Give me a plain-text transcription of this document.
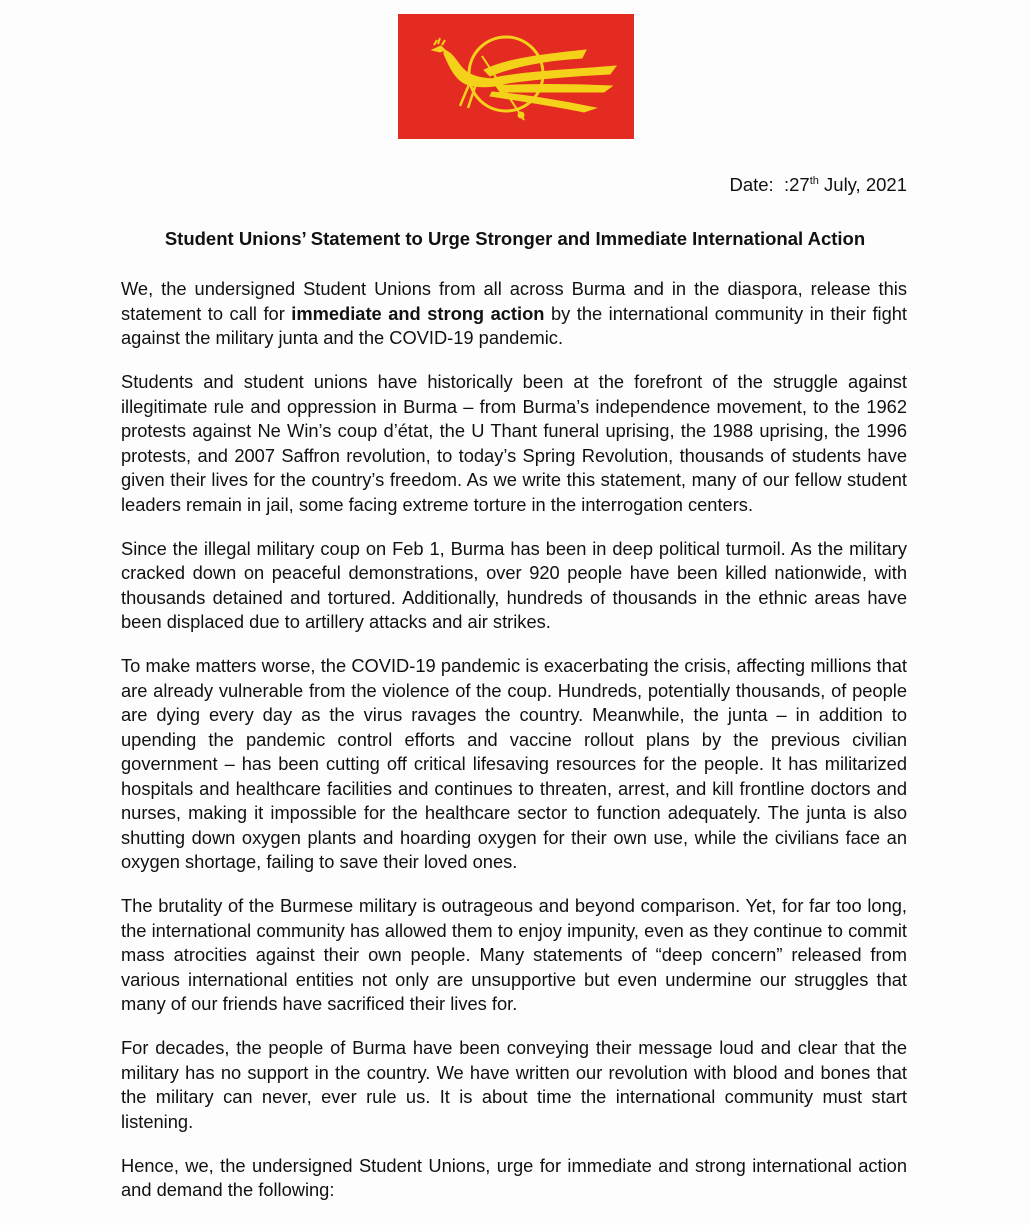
Date: :27th July, 2021
Student Unions’ Statement to Urge Stronger and Immediate International Action

We, the undersigned Student Unions from all across Burma and in the diaspora, release this statement to call for immediate and strong action by the international community in their fight against the military junta and the COVID-19 pandemic.

Students and student unions have historically been at the forefront of the struggle against illegitimate rule and oppression in Burma – from Burma’s independence movement, to the 1962 protests against Ne Win’s coup d’état, the U Thant funeral uprising, the 1988 uprising, the 1996 protests, and 2007 Saffron revolution, to today’s Spring Revolution, thousands of students have given their lives for the country’s freedom. As we write this statement, many of our fellow student leaders remain in jail, some facing extreme torture in the interrogation centers.

Since the illegal military coup on Feb 1, Burma has been in deep political turmoil. As the military cracked down on peaceful demonstrations, over 920 people have been killed nationwide, with thousands detained and tortured. Additionally, hundreds of thousands in the ethnic areas have been displaced due to artillery attacks and air strikes.

To make matters worse, the COVID-19 pandemic is exacerbating the crisis, affecting millions that are already vulnerable from the violence of the coup. Hundreds, potentially thousands, of people are dying every day as the virus ravages the country. Meanwhile, the junta – in addition to upending the pandemic control efforts and vaccine rollout plans by the previous civilian government – has been cutting off critical lifesaving resources for the people. It has militarized hospitals and healthcare facilities and continues to threaten, arrest, and kill frontline doctors and nurses, making it impossible for the healthcare sector to function adequately. The junta is also shutting down oxygen plants and hoarding oxygen for their own use, while the civilians face an oxygen shortage, failing to save their loved ones.

The brutality of the Burmese military is outrageous and beyond comparison. Yet, for far too long, the international community has allowed them to enjoy impunity, even as they continue to commit mass atrocities against their own people. Many statements of “deep concern” released from various international entities not only are unsupportive but even undermine our struggles that many of our friends have sacrificed their lives for.

For decades, the people of Burma have been conveying their message loud and clear that the military has no support in the country. We have written our revolution with blood and bones that the military can never, ever rule us. It is about time the international community must start listening.

Hence, we, the undersigned Student Unions, urge for immediate and strong international action and demand the following:
